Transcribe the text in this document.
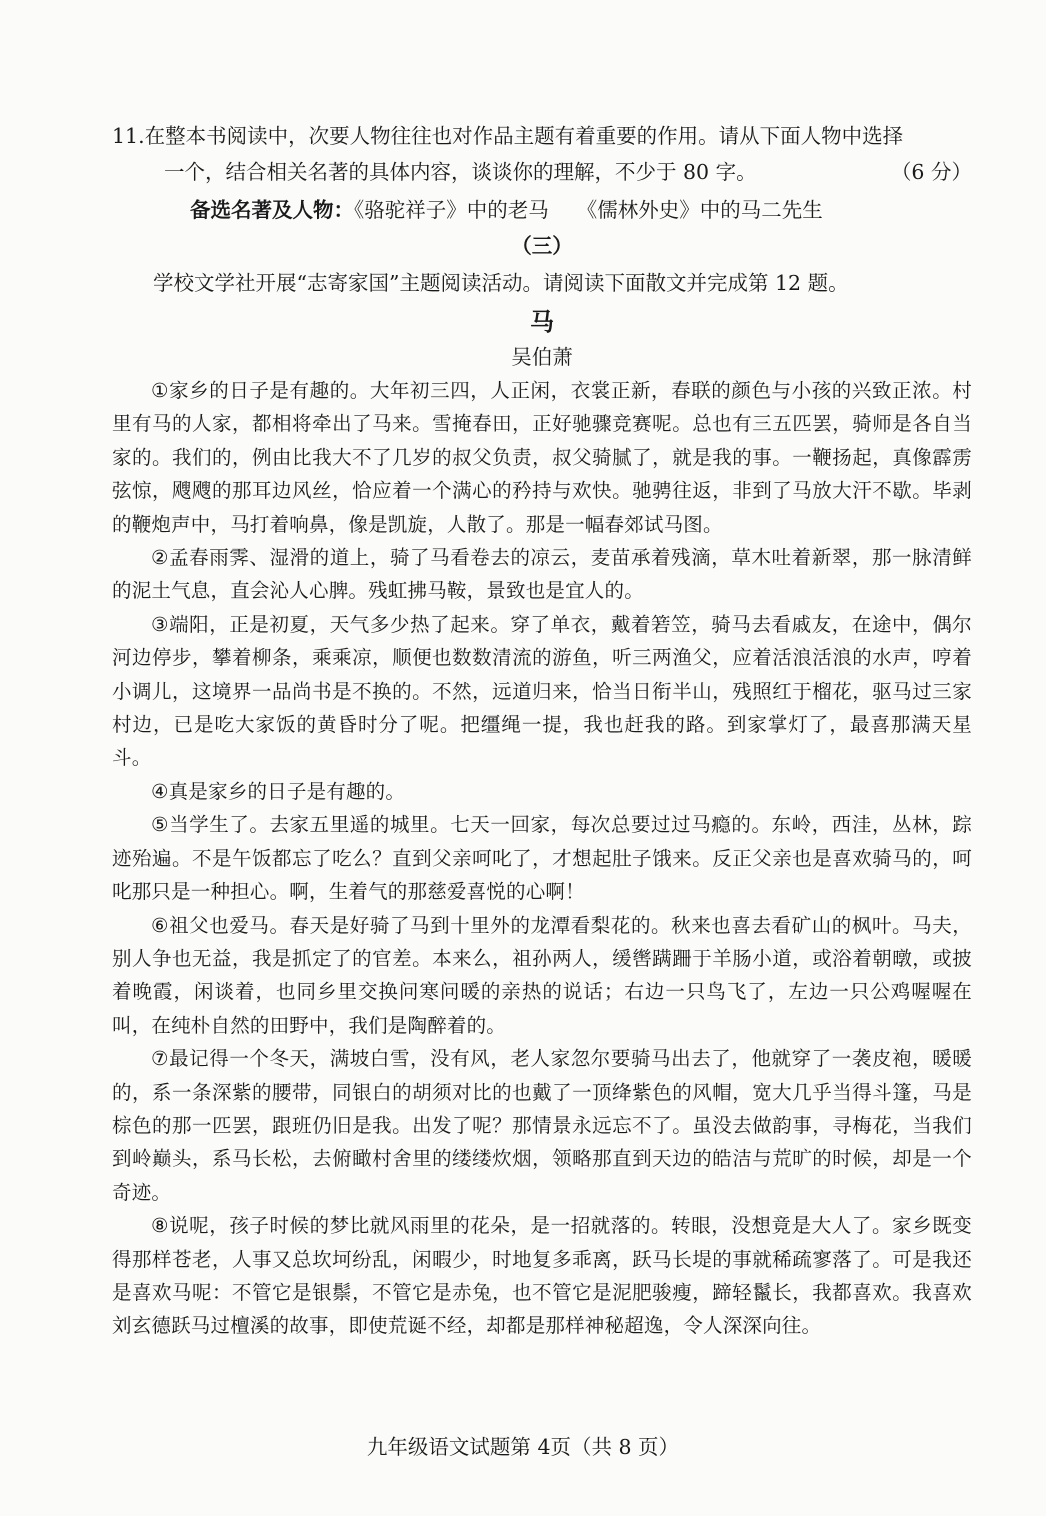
11.在整本书阅读中，次要人物往往也对作品主题有着重要的作用。请从下面人物中选择
一个，结合相关名著的具体内容，谈谈你的理解，不少于 80 字。	（6 分）
备选名著及人物：《骆驼祥子》中的老马 《儒林外史》中的马二先生
（三）
学校文学社开展“志寄家国”主题阅读活动。请阅读下面散文并完成第 12 题。
马
吴伯萧

①家乡的日子是有趣的。大年初三四，人正闲，衣裳正新，春联的颜色与小孩的兴致正浓。村里有马的人家，都相将牵出了马来。雪掩春田，正好驰骤竞赛呢。总也有三五匹罢，骑师是各自当家的。我们的，例由比我大不了几岁的叔父负责，叔父骑腻了，就是我的事。一鞭扬起，真像霹雳弦惊，飕飕的那耳边风丝，恰应着一个满心的矜持与欢快。驰骋往返，非到了马放大汗不歇。毕剥的鞭炮声中，马打着响鼻，像是凯旋，人散了。那是一幅春郊试马图。

②孟春雨霁、湿滑的道上，骑了马看卷去的凉云，麦苗承着残滴，草木吐着新翠，那一脉清鲜的泥土气息，直会沁人心脾。残虹拂马鞍，景致也是宜人的。

③端阳，正是初夏，天气多少热了起来。穿了单衣，戴着箬笠，骑马去看戚友，在途中，偶尔河边停步，攀着柳条，乘乘凉，顺便也数数清流的游鱼，听三两渔父，应着活浪活浪的水声，哼着小调儿，这境界一品尚书是不换的。不然，远道归来，恰当日衔半山，残照红于榴花，驱马过三家村边，已是吃大家饭的黄昏时分了呢。把缰绳一提，我也赶我的路。到家掌灯了，最喜那满天星斗。

④真是家乡的日子是有趣的。

⑤当学生了。去家五里遥的城里。七天一回家，每次总要过过马瘾的。东岭，西洼，丛林，踪迹殆遍。不是午饭都忘了吃么？直到父亲呵叱了，才想起肚子饿来。反正父亲也是喜欢骑马的，呵叱那只是一种担心。啊，生着气的那慈爱喜悦的心啊！

⑥祖父也爱马。春天是好骑了马到十里外的龙潭看梨花的。秋来也喜去看矿山的枫叶。马夫，别人争也无益，我是抓定了的官差。本来么，祖孙两人，缓辔蹒跚于羊肠小道，或浴着朝暾，或披着晚霞，闲谈着，也同乡里交换问寒问暖的亲热的说话；右边一只鸟飞了，左边一只公鸡喔喔在叫，在纯朴自然的田野中，我们是陶醉着的。

⑦最记得一个冬天，满坡白雪，没有风，老人家忽尔要骑马出去了，他就穿了一袭皮袍，暖暖的，系一条深紫的腰带，同银白的胡须对比的也戴了一顶绛紫色的风帽，宽大几乎当得斗篷，马是棕色的那一匹罢，跟班仍旧是我。出发了呢？那情景永远忘不了。虽没去做韵事，寻梅花，当我们到岭巅头，系马长松，去俯瞰村舍里的缕缕炊烟，领略那直到天边的皓洁与荒旷的时候，却是一个奇迹。

⑧说呢，孩子时候的梦比就风雨里的花朵，是一招就落的。转眼，没想竟是大人了。家乡既变得那样苍老，人事又总坎坷纷乱，闲暇少，时地复多乖离，跃马长堤的事就稀疏寥落了。可是我还是喜欢马呢：不管它是银鬃，不管它是赤兔，也不管它是泥肥骏瘦，蹄轻鬣长，我都喜欢。我喜欢刘玄德跃马过檀溪的故事，即使荒诞不经，却都是那样神秘超逸，令人深深向往。

九年级语文试题第 4页（共 8 页）
